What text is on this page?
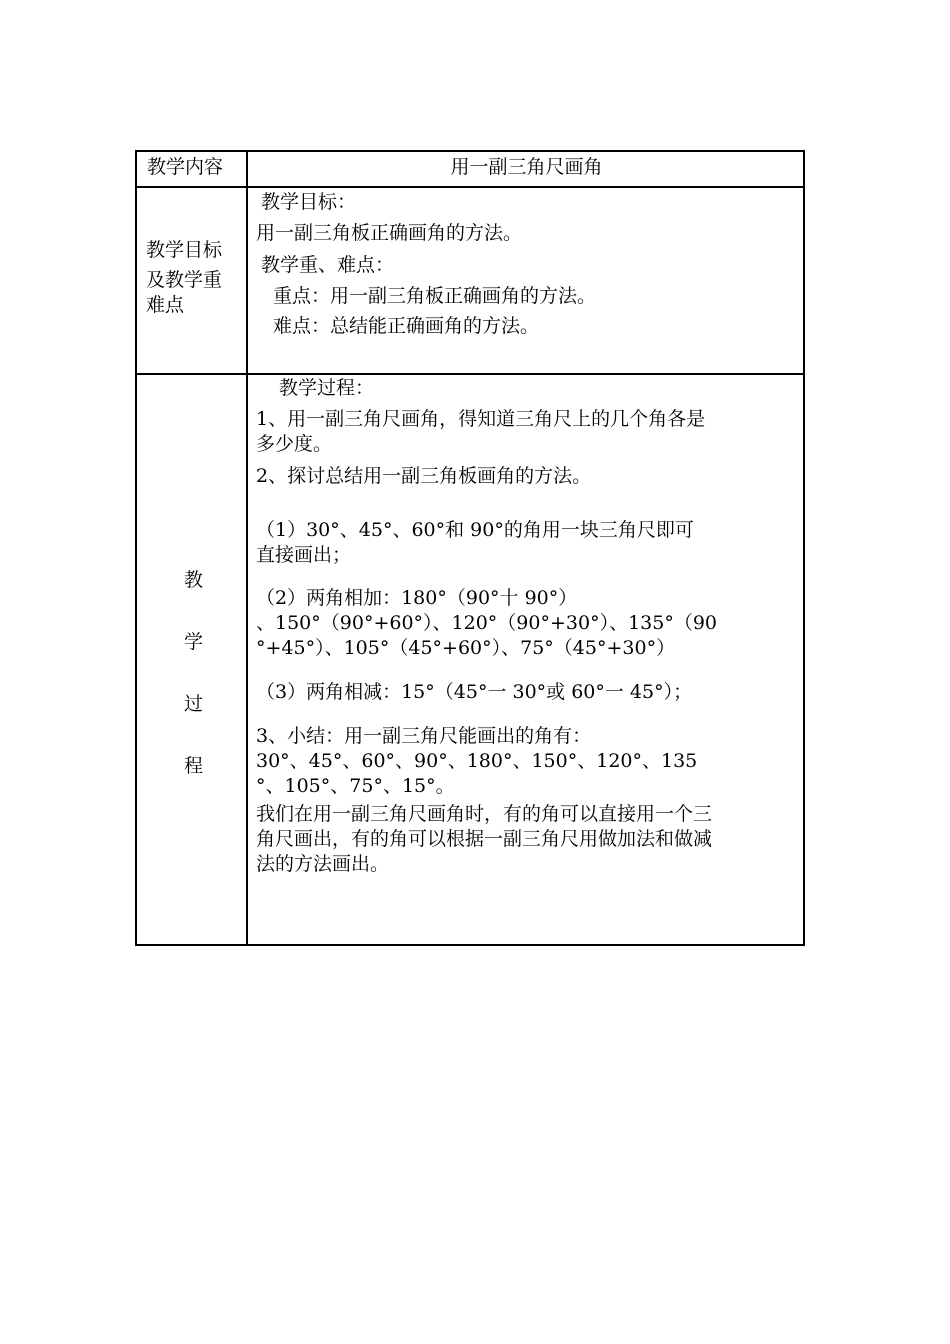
教学内容	用一副三角尺画角
教学目标
及教学重
难点
教学目标：
用一副三角板正确画角的方法。
教学重、难点：
重点：用一副三角板正确画角的方法。
难点：总结能正确画角的方法。
教
学
过
程
教学过程：
1、用一副三角尺画角，得知道三角尺上的几个角各是
多少度。
2、探讨总结用一副三角板画角的方法。
（1）30°、45°、60°和 90°的角用一块三角尺即可
直接画出；
（2）两角相加：180°（90°十 90°）
、150°（90°+60°）、120°（90°+30°）、135°（90
°+45°）、105°（45°+60°）、75°（45°+30°）
（3）两角相减：15°（45°一 30°或 60°一 45°）；
3、小结：用一副三角尺能画出的角有：
30°、45°、60°、90°、180°、150°、120°、135
°、105°、75°、15°。
我们在用一副三角尺画角时，有的角可以直接用一个三
角尺画出，有的角可以根据一副三角尺用做加法和做减
法的方法画出。
